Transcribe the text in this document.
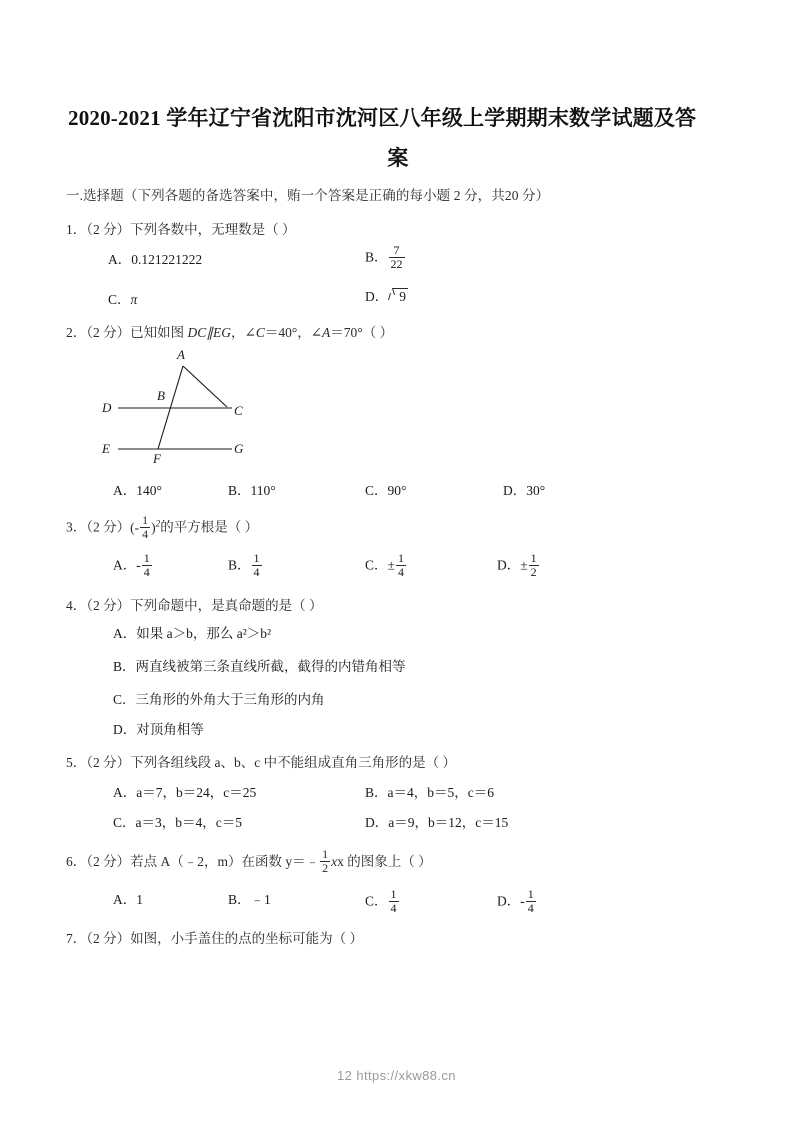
2020-2021 学年辽宁省沈阳市沈河区八年级上学期期末数学试题及答
案
一.选择题（下列各题的备选答案中，贿一个答案是正确的每小题 2 分，共20 分）
1．（2 分）下列各数中，无理数是（ ）
A．0.121221222	B． $\frac{7}{22}$
C．π	D． 9
2．（2 分）已知如图 DC∥EG，∠C＝40°，∠A＝70°（ ）
A
B
C
D
E
F
G
A．140°	B．110°	C．90°	D．30°
3．（2 分）(- $\frac{1}{4} )^2$的平方根是（ ）
A．- $\frac{1}{4}$	B． $\frac{1}{4}$	C．± $\frac{1}{4}$	D．± $\frac{1}{2}$
4．（2 分）下列命题中，是真命题的是（ ）
A．如果 a＞b，那么 a²＞b²
B．两直线被第三条直线所截，截得的内错角相等
C．三角形的外角大于三角形的内角
D．对顶角相等
5．（2 分）下列各组线段 a、b、c 中不能组成直角三角形的是（ ）
A．a＝7，b＝24，c＝25	B．a＝4，b＝5，c＝6
C．a＝3，b＝4，c＝5	D．a＝9，b＝12，c＝15
6．（2 分）若点 A（﹣2，m）在函数 y＝﹣ $\frac{1}{2}$ xx 的图象上（ ）
A．1	B．﹣1	C． $\frac{1}{4}$	D．- $\frac{1}{4}$
7．（2 分）如图，小手盖住的点的坐标可能为（ ）
12 https://xkw88.cn
